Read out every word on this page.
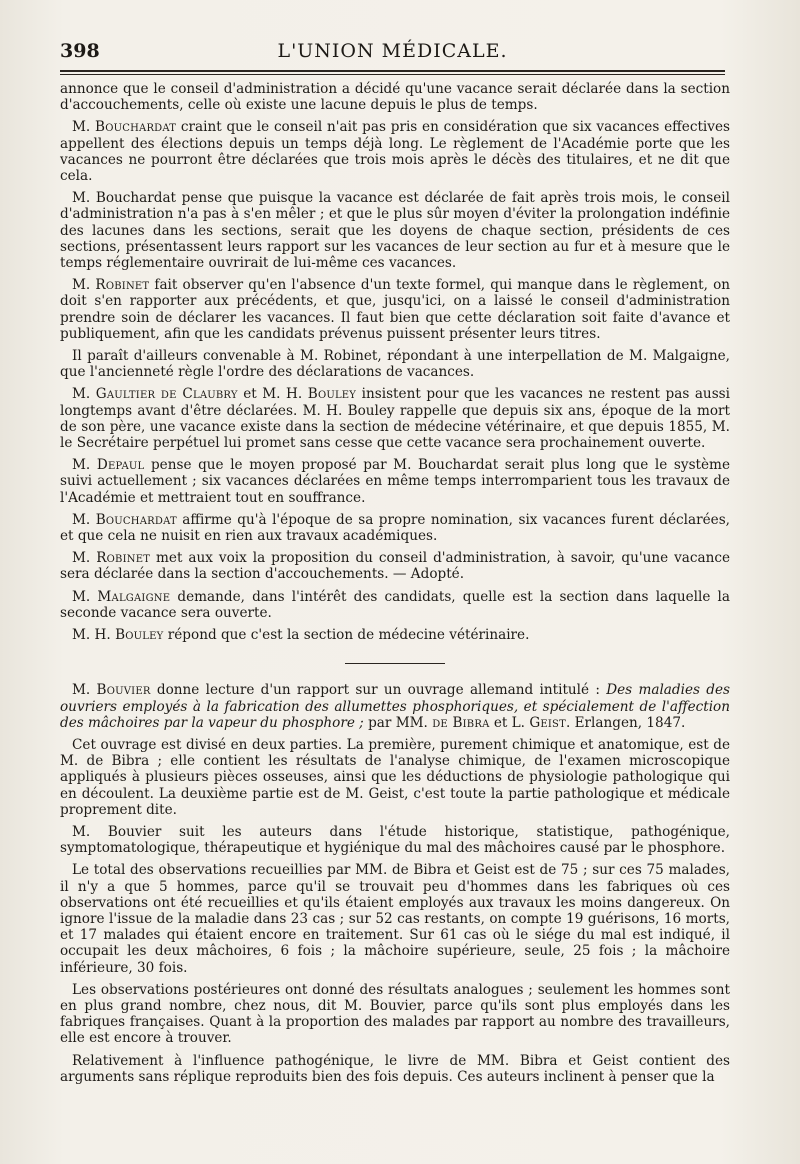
398	L'UNION MÉDICALE.

annonce que le conseil d'administration a décidé qu'une vacance serait déclarée dans la section d'accouchements, celle où existe une lacune depuis le plus de temps.

M. Bouchardat craint que le conseil n'ait pas pris en considération que six vacances effectives appellent des élections depuis un temps déjà long. Le règlement de l'Académie porte que les vacances ne pourront être déclarées que trois mois après le décès des titulaires, et ne dit que cela.

M. Bouchardat pense que puisque la vacance est déclarée de fait après trois mois, le conseil d'administration n'a pas à s'en mêler ; et que le plus sûr moyen d'éviter la prolongation indéfinie des lacunes dans les sections, serait que les doyens de chaque section, présidents de ces sections, présentassent leurs rapport sur les vacances de leur section au fur et à mesure que le temps réglementaire ouvrirait de lui-même ces vacances.

M. Robinet fait observer qu'en l'absence d'un texte formel, qui manque dans le règlement, on doit s'en rapporter aux précédents, et que, jusqu'ici, on a laissé le conseil d'administration prendre soin de déclarer les vacances. Il faut bien que cette déclaration soit faite d'avance et publiquement, afin que les candidats prévenus puissent présenter leurs titres.

Il paraît d'ailleurs convenable à M. Robinet, répondant à une interpellation de M. Malgaigne, que l'ancienneté règle l'ordre des déclarations de vacances.

M. Gaultier de Claubry et M. H. Bouley insistent pour que les vacances ne restent pas aussi longtemps avant d'être déclarées. M. H. Bouley rappelle que depuis six ans, époque de la mort de son père, une vacance existe dans la section de médecine vétérinaire, et que depuis 1855, M. le Secrétaire perpétuel lui promet sans cesse que cette vacance sera prochainement ouverte.

M. Depaul pense que le moyen proposé par M. Bouchardat serait plus long que le système suivi actuellement ; six vacances déclarées en même temps interromparient tous les travaux de l'Académie et mettraient tout en souffrance.

M. Bouchardat affirme qu'à l'époque de sa propre nomination, six vacances furent déclarées, et que cela ne nuisit en rien aux travaux académiques.

M. Robinet met aux voix la proposition du conseil d'administration, à savoir, qu'une vacance sera déclarée dans la section d'accouchements. — Adopté.

M. Malgaigne demande, dans l'intérêt des candidats, quelle est la section dans laquelle la seconde vacance sera ouverte.

M. H. Bouley répond que c'est la section de médecine vétérinaire.

M. Bouvier donne lecture d'un rapport sur un ouvrage allemand intitulé : Des maladies des ouvriers employés à la fabrication des allumettes phosphoriques, et spécialement de l'affection des mâchoires par la vapeur du phosphore ; par MM. de Bibra et L. Geist. Erlangen, 1847.

Cet ouvrage est divisé en deux parties. La première, purement chimique et anatomique, est de M. de Bibra ; elle contient les résultats de l'analyse chimique, de l'examen microscopique appliqués à plusieurs pièces osseuses, ainsi que les déductions de physiologie pathologique qui en découlent. La deuxième partie est de M. Geist, c'est toute la partie pathologique et médicale proprement dite.

M. Bouvier suit les auteurs dans l'étude historique, statistique, pathogénique, symptomatologique, thérapeutique et hygiénique du mal des mâchoires causé par le phosphore.

Le total des observations recueillies par MM. de Bibra et Geist est de 75 ; sur ces 75 malades, il n'y a que 5 hommes, parce qu'il se trouvait peu d'hommes dans les fabriques où ces observations ont été recueillies et qu'ils étaient employés aux travaux les moins dangereux. On ignore l'issue de la maladie dans 23 cas ; sur 52 cas restants, on compte 19 guérisons, 16 morts, et 17 malades qui étaient encore en traitement. Sur 61 cas où le siége du mal est indiqué, il occupait les deux mâchoires, 6 fois ; la mâchoire supérieure, seule, 25 fois ; la mâchoire inférieure, 30 fois.

Les observations postérieures ont donné des résultats analogues ; seulement les hommes sont en plus grand nombre, chez nous, dit M. Bouvier, parce qu'ils sont plus employés dans les fabriques françaises. Quant à la proportion des malades par rapport au nombre des travailleurs, elle est encore à trouver.

Relativement à l'influence pathogénique, le livre de MM. Bibra et Geist contient des arguments sans réplique reproduits bien des fois depuis. Ces auteurs inclinent à penser que la
